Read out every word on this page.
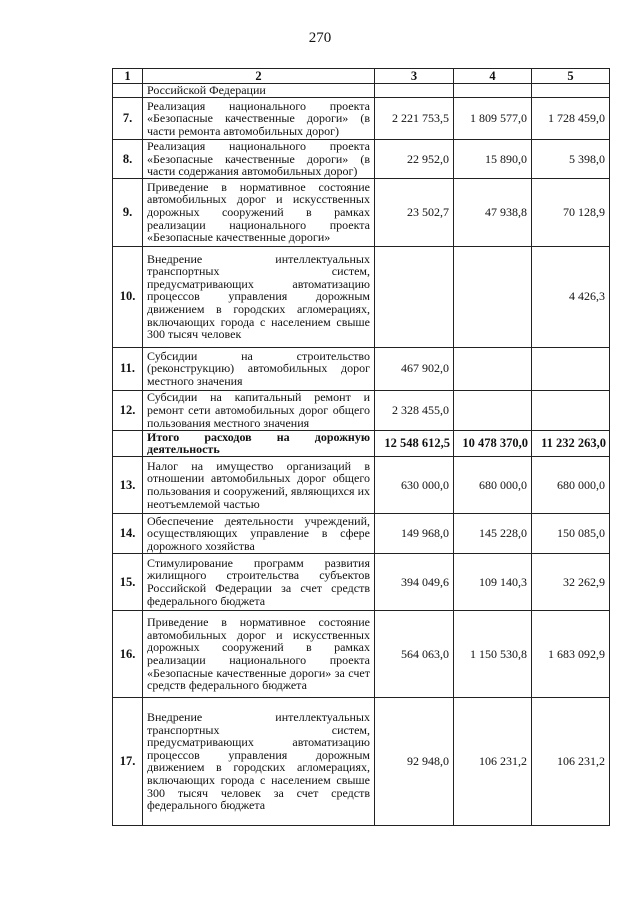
270
1	2	3	4	5
	Российской Федерации			
7.	Реализация национального проекта «Безопасные качественные дороги» (в части ремонта автомобильных дорог)	2 221 753,5	1 809 577,0	1 728 459,0
8.	Реализация национального проекта «Безопасные качественные дороги» (в части содержания автомобильных дорог)	22 952,0	15 890,0	5 398,0
9.	Приведение в нормативное состояние автомобильных дорог и искусственных дорожных сооружений в рамках реализации национального проекта «Безопасные качественные дороги»	23 502,7	47 938,8	70 128,9
10.	Внедрение интеллектуальных транспортных систем, предусматривающих автоматизацию процессов управления дорожным движением в городских агломерациях, включающих города с населением свыше 300 тысяч человек			4 426,3
11.	Субсидии на строительство (реконструкцию) автомобильных дорог местного значения	467 902,0		
12.	Субсидии на капитальный ремонт и ремонт сети автомобильных дорог общего пользования местного значения	2 328 455,0		
	Итого расходов на дорожную деятельность	12 548 612,5	10 478 370,0	11 232 263,0
13.	Налог на имущество организаций в отношении автомобильных дорог общего пользования и сооружений, являющихся их неотъемлемой частью	630 000,0	680 000,0	680 000,0
14.	Обеспечение деятельности учреждений, осуществляющих управление в сфере дорожного хозяйства	149 968,0	145 228,0	150 085,0
15.	Стимулирование программ развития жилищного строительства субъектов Российской Федерации за счет средств федерального бюджета	394 049,6	109 140,3	32 262,9
16.	Приведение в нормативное состояние автомобильных дорог и искусственных дорожных сооружений в рамках реализации национального проекта «Безопасные качественные дороги» за счет средств федерального бюджета	564 063,0	1 150 530,8	1 683 092,9
17.	Внедрение интеллектуальных транспортных систем, предусматривающих автоматизацию процессов управления дорожным движением в городских агломерациях, включающих города с населением свыше 300 тысяч человек за счет средств федерального бюджета	92 948,0	106 231,2	106 231,2
